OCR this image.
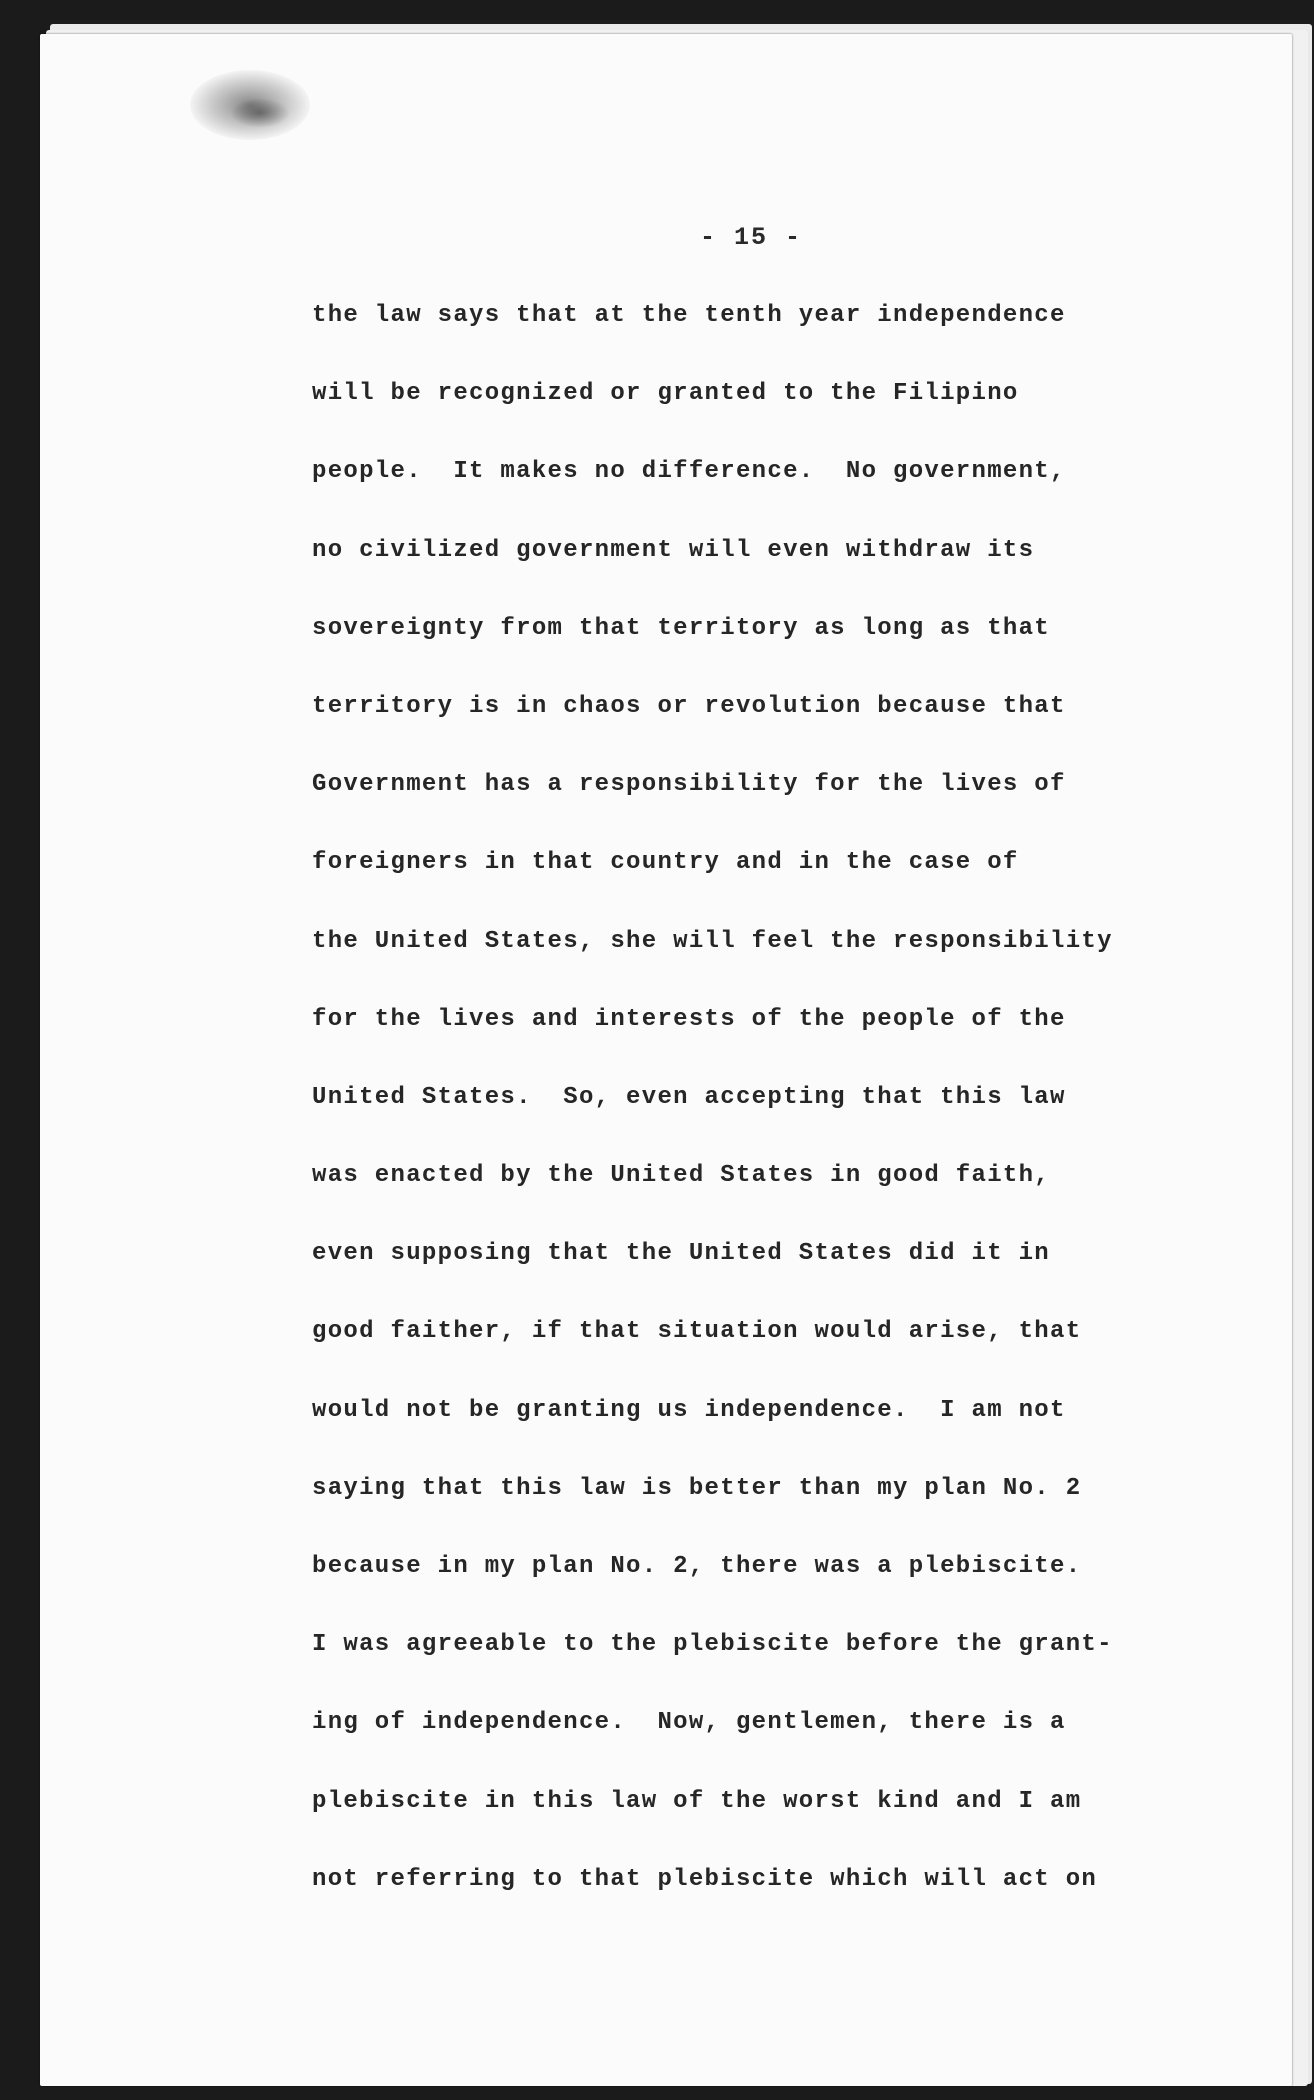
- 15 -
the law says that at the tenth year independence
will be recognized or granted to the Filipino
people.  It makes no difference.  No government,
no civilized government will even withdraw its
sovereignty from that territory as long as that
territory is in chaos or revolution because that
Government has a responsibility for the lives of
foreigners in that country and in the case of
the United States, she will feel the responsibility
for the lives and interests of the people of the
United States.  So, even accepting that this law
was enacted by the United States in good faith,
even supposing that the United States did it in
good faither, if that situation would arise, that
would not be granting us independence.  I am not
saying that this law is better than my plan No. 2
because in my plan No. 2, there was a plebiscite.
I was agreeable to the plebiscite before the grant-
ing of independence.  Now, gentlemen, there is a
plebiscite in this law of the worst kind and I am
not referring to that plebiscite which will act on
